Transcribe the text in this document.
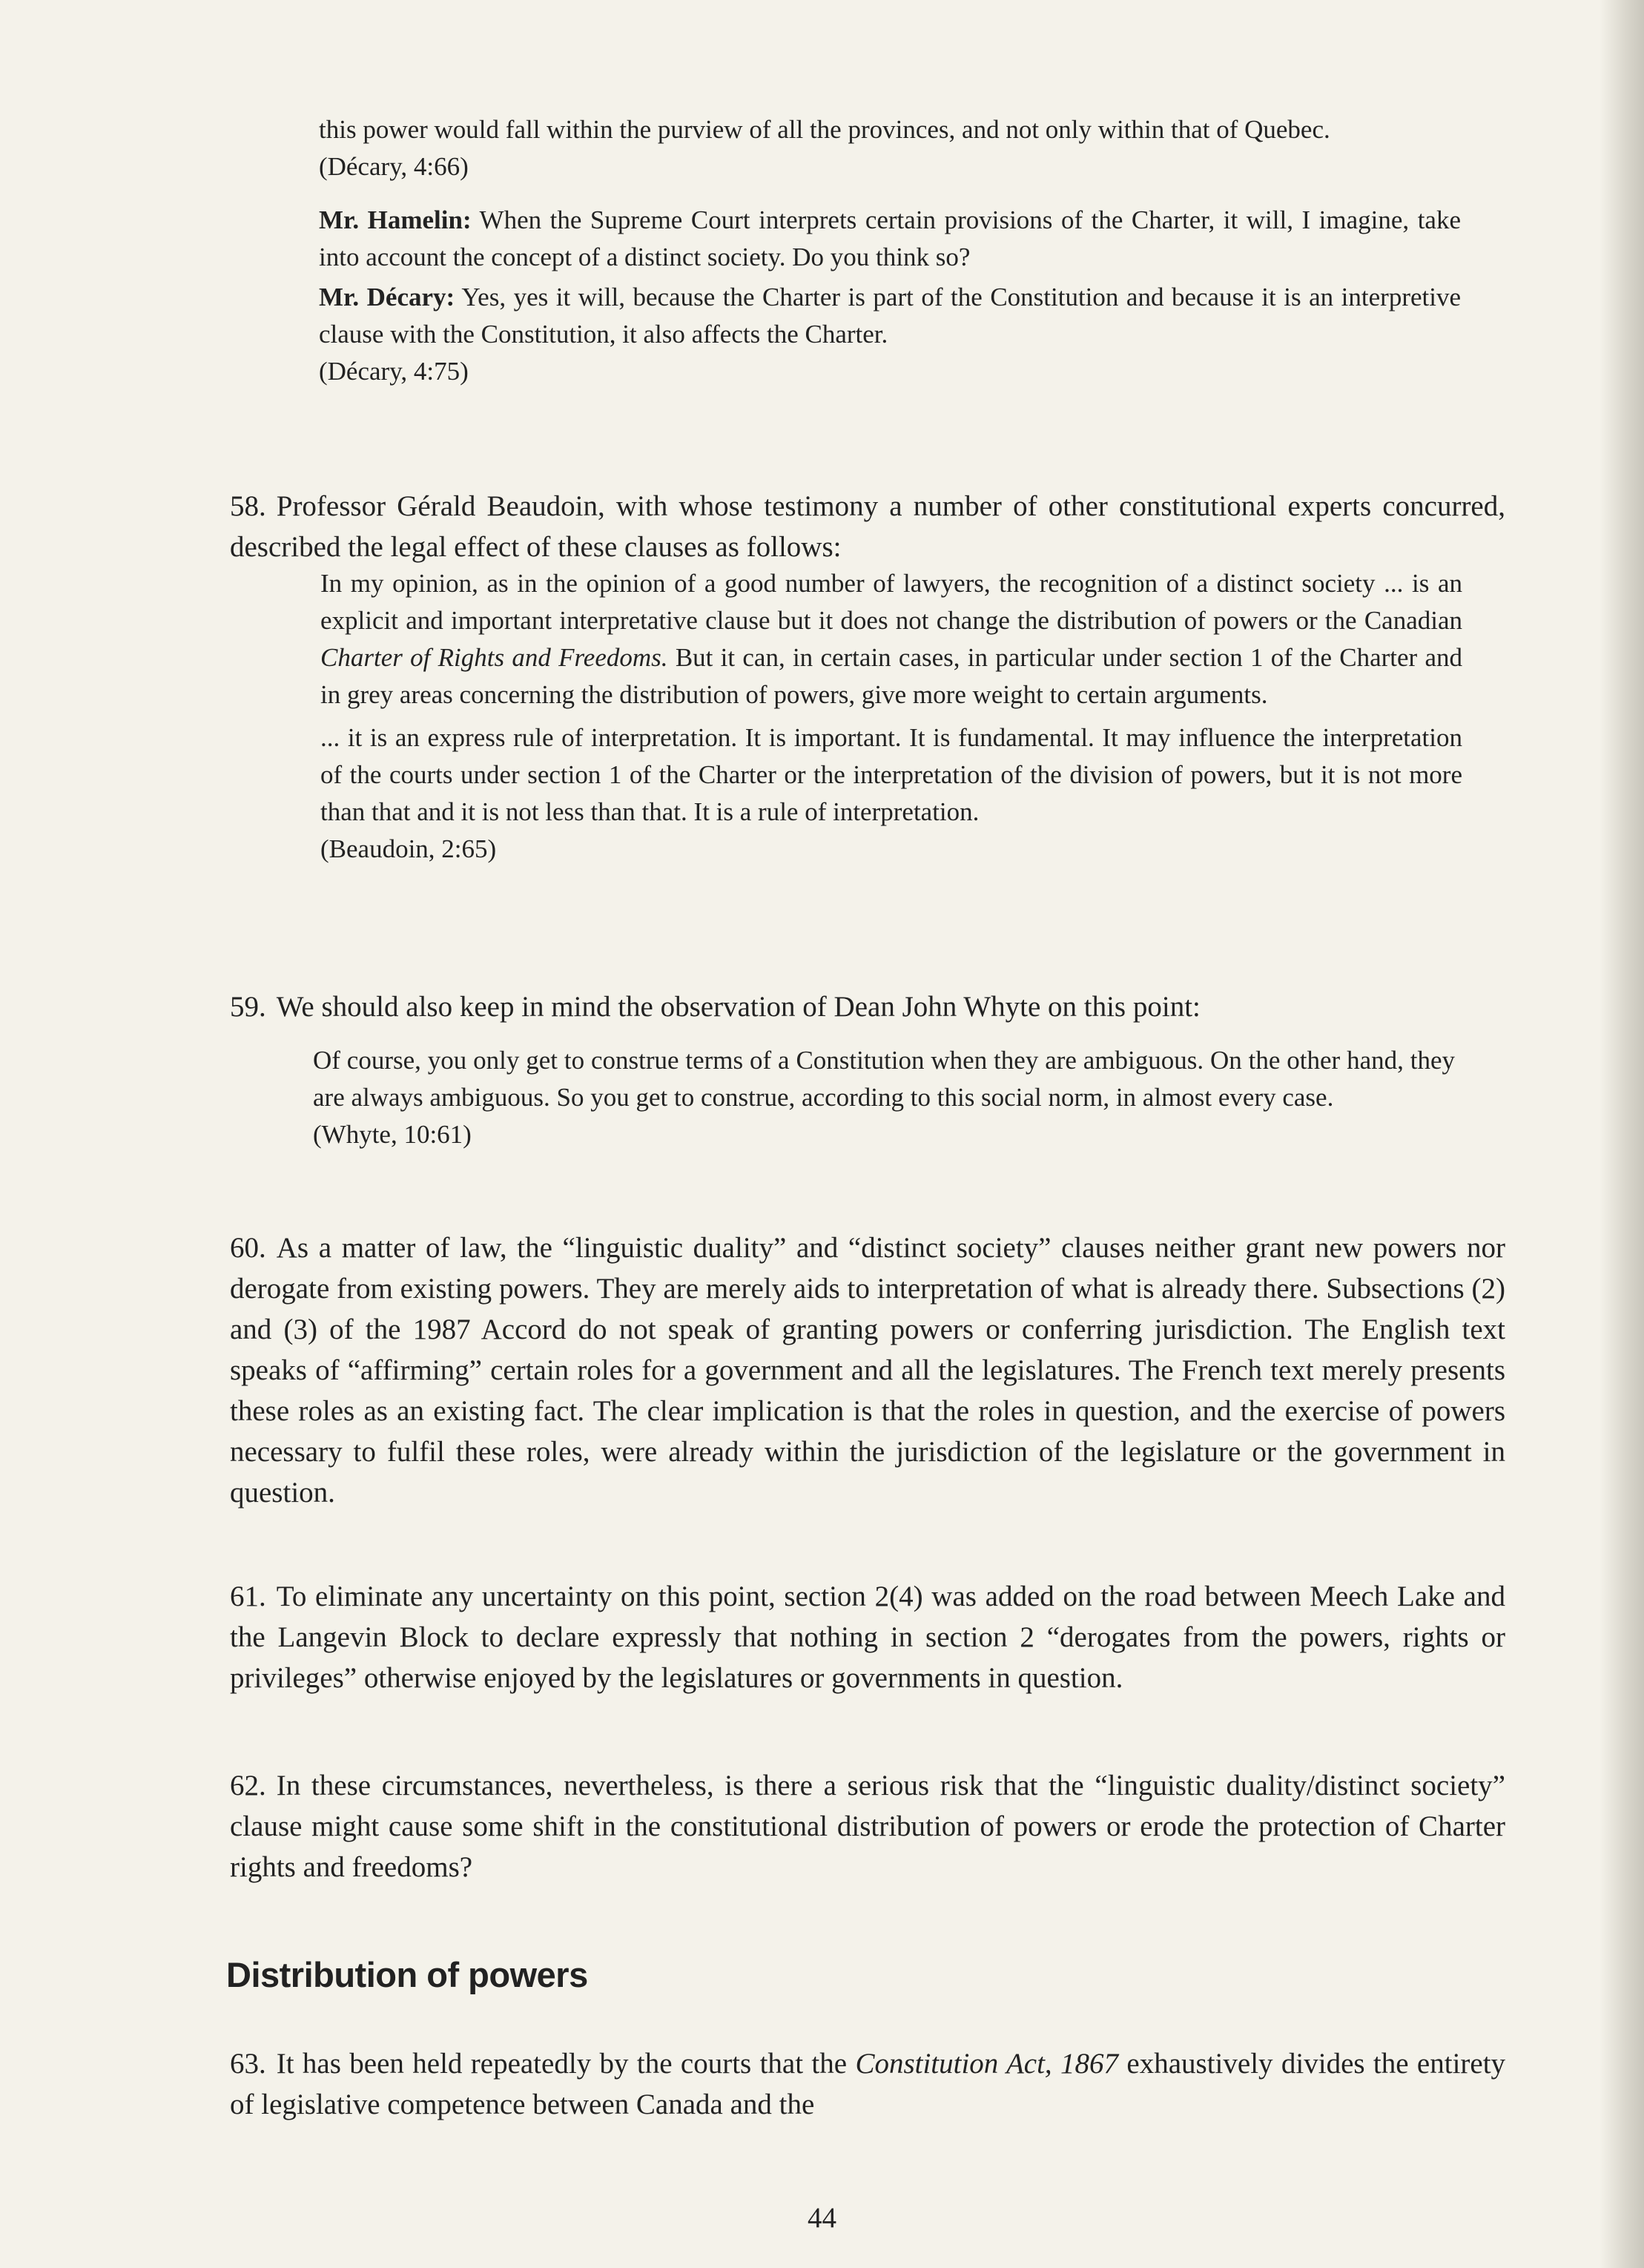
this power would fall within the purview of all the provinces, and not only within that of Quebec.

(Décary, 4:66)

Mr. Hamelin: When the Supreme Court interprets certain provisions of the Charter, it will, I imagine, take into account the concept of a distinct society. Do you think so?

Mr. Décary: Yes, yes it will, because the Charter is part of the Constitution and because it is an interpretive clause with the Constitution, it also affects the Charter.

(Décary, 4:75)

58. Professor Gérald Beaudoin, with whose testimony a number of other constitutional experts concurred, described the legal effect of these clauses as follows:

In my opinion, as in the opinion of a good number of lawyers, the recognition of a distinct society ... is an explicit and important interpretative clause but it does not change the distribution of powers or the Canadian Charter of Rights and Freedoms. But it can, in certain cases, in particular under section 1 of the Charter and in grey areas concerning the distribution of powers, give more weight to certain arguments.

... it is an express rule of interpretation. It is important. It is fundamental. It may influence the interpretation of the courts under section 1 of the Charter or the interpretation of the division of powers, but it is not more than that and it is not less than that. It is a rule of interpretation.

(Beaudoin, 2:65)

59. We should also keep in mind the observation of Dean John Whyte on this point:

Of course, you only get to construe terms of a Constitution when they are ambiguous. On the other hand, they are always ambiguous. So you get to construe, according to this social norm, in almost every case.

(Whyte, 10:61)

60. As a matter of law, the “linguistic duality” and “distinct society” clauses neither grant new powers nor derogate from existing powers. They are merely aids to interpretation of what is already there. Subsections (2) and (3) of the 1987 Accord do not speak of granting powers or conferring jurisdiction. The English text speaks of “affirming” certain roles for a government and all the legislatures. The French text merely presents these roles as an existing fact. The clear implication is that the roles in question, and the exercise of powers necessary to fulfil these roles, were already within the jurisdiction of the legislature or the government in question.

61. To eliminate any uncertainty on this point, section 2(4) was added on the road between Meech Lake and the Langevin Block to declare expressly that nothing in section 2 “derogates from the powers, rights or privileges” otherwise enjoyed by the legislatures or governments in question.

62. In these circumstances, nevertheless, is there a serious risk that the “linguistic duality/distinct society” clause might cause some shift in the constitutional distribution of powers or erode the protection of Charter rights and freedoms?

Distribution of powers

63. It has been held repeatedly by the courts that the Constitution Act, 1867 exhaustively divides the entirety of legislative competence between Canada and the

44
